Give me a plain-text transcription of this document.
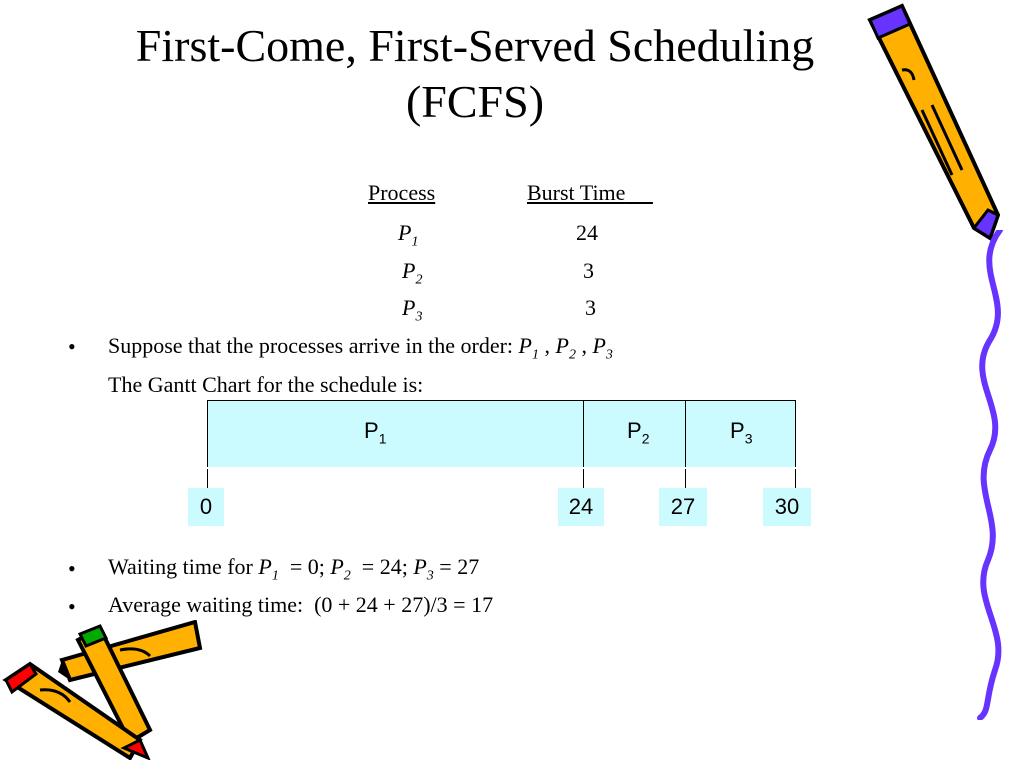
First-Come, First-Served Scheduling
(FCFS)
Process	Burst Time
$P_1$	24
$P_2$	3
$P_3$	3
• Suppose that the processes arrive in the order: $P_1$ , $P_2$ , $P_3$
The Gantt Chart for the schedule is:
$P_1$	$P_2$	$P_3$
0	24	27	30
• Waiting time for $P_1 = 0$; $P_2 = 24$; $P_3 = 27$
• Average waiting time:  (0 + 24 + 27)/3 = 17
